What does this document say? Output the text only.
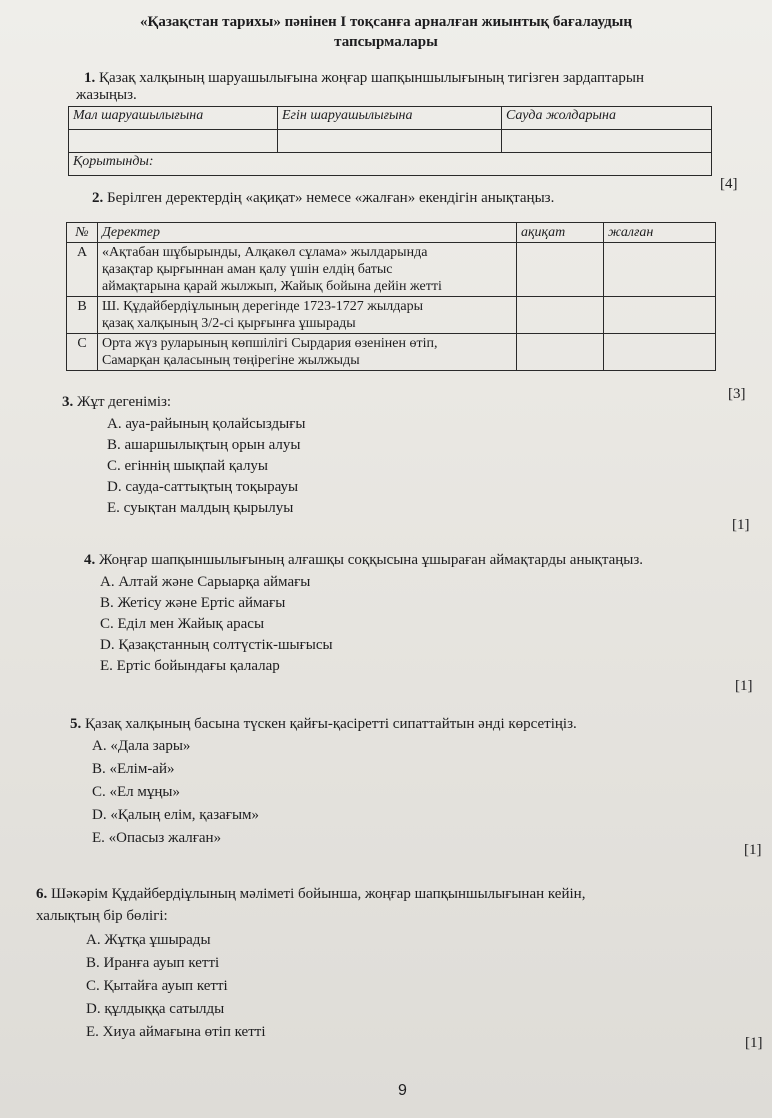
«Қазақстан тарихы» пәнінен І тоқсанға арналған жиынтық бағалаудың
тапсырмалары
1. Қазақ халқының шаруашылығына жоңғар шапқыншылығының тигізген зардаптарын
жазыңыз.
Мал шаруашылығына	Егін шаруашылығына	Сауда жолдарына

Қорытынды:		
[4]
2. Берілген деректердің «ақиқат» немесе «жалған» екендігін анықтаңыз.
№	Деректер	ақиқат	жалған
A	«Ақтабан шұбырынды, Алқакөл сұлама» жылдарында
қазақтар қырғыннан аман қалу үшін елдің батыс
аймақтарына қарай жылжып, Жайық бойына дейін жетті		

B	Ш. Құдайбердіұлының дерегінде 1723-1727 жылдары
қазақ халқының 3/2-сі қырғынға ұшырады		

C	Орта жүз руларының көпшілігі Сырдария өзенінен өтіп,
Самарқан қаласының төңірегіне жылжыды		

3. Жұт дегеніміз:	[3]
A. ауа-райының қолайсыздығы
B. ашаршылықтың орын алуы
C. егіннің шықпай қалуы
D. сауда-саттықтың тоқырауы
E. суықтан малдың қырылуы
[1]
4. Жоңғар шапқыншылығының алғашқы соққысына ұшыраған аймақтарды анықтаңыз.
A. Алтай және Сарыарқа аймағы
B. Жетісу және Ертіс аймағы
C. Еділ мен Жайық арасы
D. Қазақстанның солтүстік-шығысы
E. Ертіс бойындағы қалалар
[1]
5. Қазақ халқының басына түскен қайғы-қасіретті сипаттайтын әнді көрсетіңіз.
A. «Дала зары»
B. «Елім-ай»
C. «Ел мұңы»
D. «Қалың елім, қазағым»
E. «Опасыз жалған»
[1]
6. Шәкәрім Құдайбердіұлының мәліметі бойынша, жоңғар шапқыншылығынан кейін,
халықтың бір бөлігі:
A. Жұтқа ұшырады
B. Иранға ауып кетті
C. Қытайға ауып кетті
D. құлдыққа сатылды
E. Хиуа аймағына өтіп кетті
[1]
9
